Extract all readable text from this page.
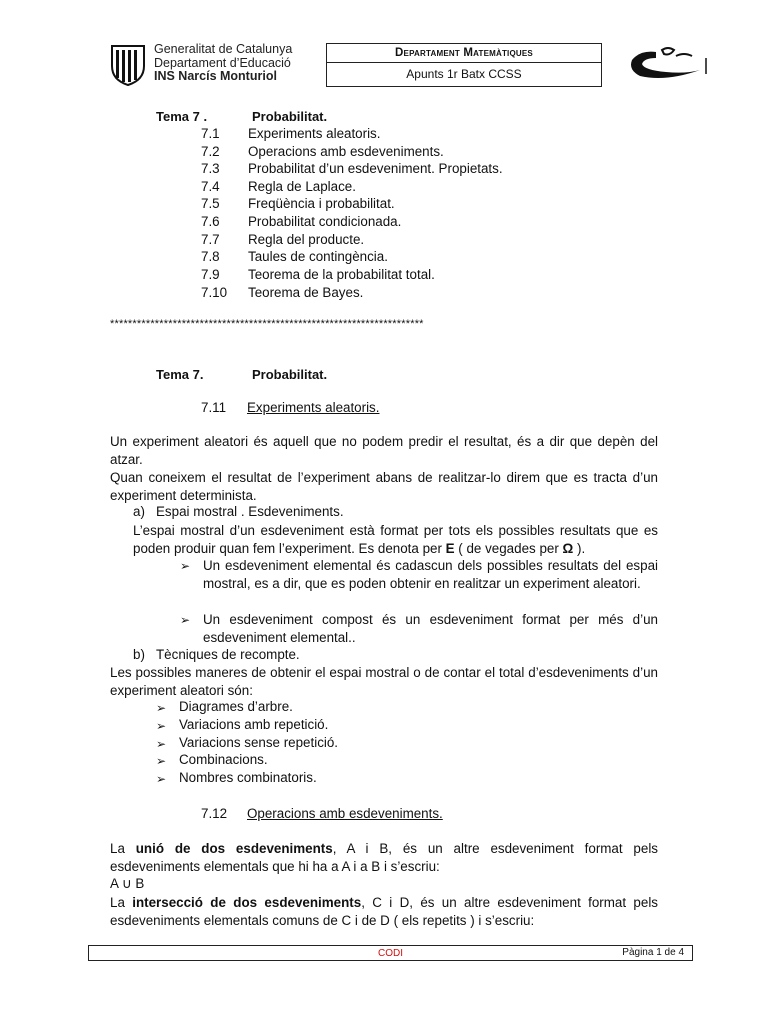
Generalitat de Catalunya
Departament d’Educació
INS Narcís Monturiol
Departament Matemàtiques
Apunts 1r Batx CCSS
Tema 7 .	Probabilitat.
7.1 Experiments aleatoris.
7.2 Operacions amb esdeveniments.
7.3 Probabilitat d’un esdeveniment. Propietats.
7.4 Regla de Laplace.
7.5 Freqüència i probabilitat.
7.6 Probabilitat condicionada.
7.7 Regla del producte.
7.8 Taules de contingència.
7.9 Teorema de la probabilitat total.
7.10 Teorema de Bayes.
**********************************************************************
Tema 7.	Probabilitat.
7.11 Experiments aleatoris.
Un experiment aleatori és aquell que no podem predir el resultat, és a dir que depèn del atzar.
Quan coneixem el resultat de l’experiment abans de realitzar-lo direm que es tracta d’un experiment determinista.
a) Espai mostral . Esdeveniments.
L’espai mostral d’un esdeveniment està format per tots els possibles resultats que es poden produir quan fem l’experiment. Es denota per E ( de vegades per Ω ).
➢ Un esdeveniment elemental és cadascun dels possibles resultats del espai mostral, es a dir, que es poden obtenir en realitzar un experiment aleatori.
➢ Un esdeveniment compost és un esdeveniment format per més d’un esdeveniment elemental..
b) Tècniques de recompte.
Les possibles maneres de obtenir el espai mostral o de contar el total d’esdeveniments d’un experiment aleatori són:
➢ Diagrames d’arbre.
➢ Variacions amb repetició.
➢ Variacions sense repetició.
➢ Combinacions.
➢ Nombres combinatoris.
7.12 Operacions amb esdeveniments.
La unió de dos esdeveniments, A i B, és un altre esdeveniment format pels esdeveniments elementals que hi ha a A i a B i s’escriu:
A ∪ B
La intersecció de dos esdeveniments, C i D, és un altre esdeveniment format pels esdeveniments elementals comuns de C i de D ( els repetits ) i s’escriu:
CODI	Pàgina 1 de 4
